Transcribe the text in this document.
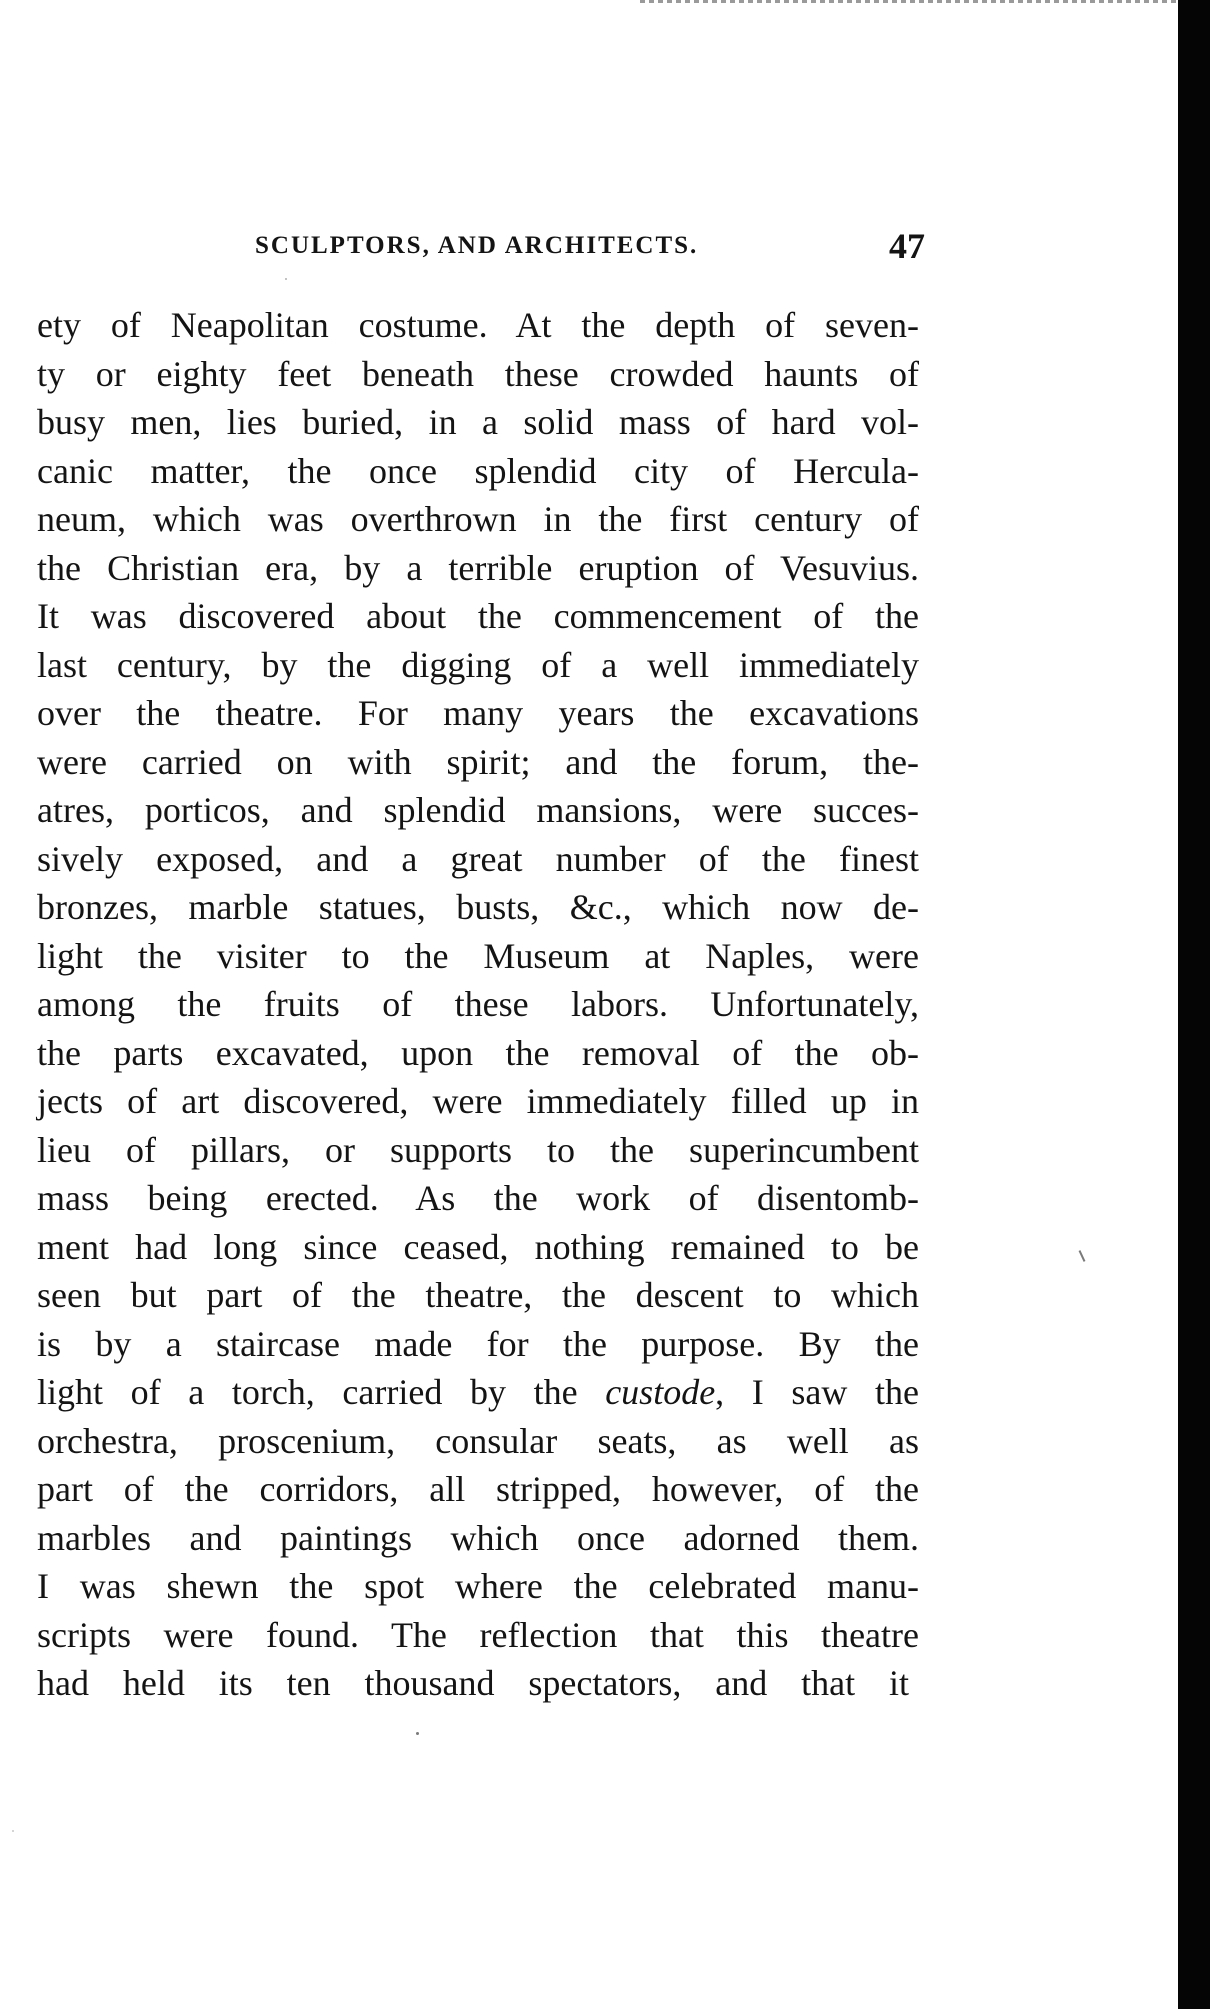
SCULPTORS, AND ARCHITECTS.	47
ety of Neapolitan costume. At the depth of seven-
ty or eighty feet beneath these crowded haunts of
busy men, lies buried, in a solid mass of hard vol-
canic matter, the once splendid city of Hercula-
neum, which was overthrown in the first century of
the Christian era, by a terrible eruption of Vesuvius.
It was discovered about the commencement of the
last century, by the digging of a well immediately
over the theatre. For many years the excavations
were carried on with spirit; and the forum, the-
atres, porticos, and splendid mansions, were succes-
sively exposed, and a great number of the finest
bronzes, marble statues, busts, &c., which now de-
light the visiter to the Museum at Naples, were
among the fruits of these labors. Unfortunately,
the parts excavated, upon the removal of the ob-
jects of art discovered, were immediately filled up in
lieu of pillars, or supports to the superincumbent
mass being erected. As the work of disentomb-
ment had long since ceased, nothing remained to be
seen but part of the theatre, the descent to which
is by a staircase made for the purpose. By the
light of a torch, carried by the custode, I saw the
orchestra, proscenium, consular seats, as well as
part of the corridors, all stripped, however, of the
marbles and paintings which once adorned them.
I was shewn the spot where the celebrated manu-
scripts were found. The reflection that this theatre
had held its ten thousand spectators, and that it
